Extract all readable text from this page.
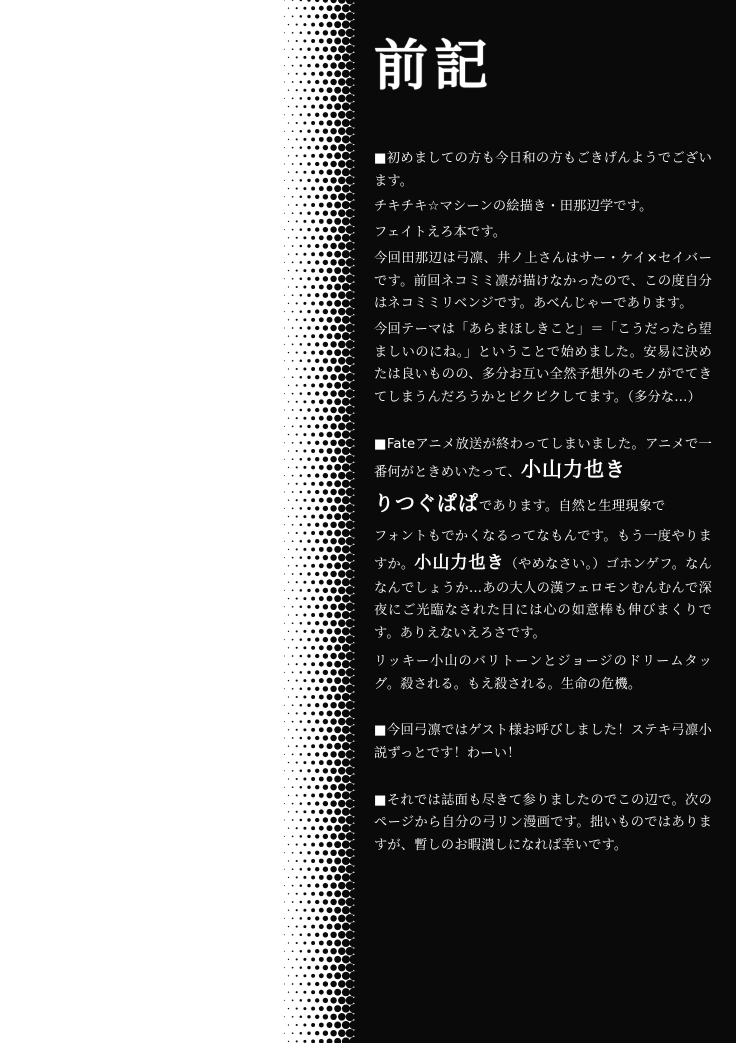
前記

■初めましての方も今日和の方もごきげんようでございます。

チキチキ☆マシーンの絵描き・田那辺学です。

フェイトえろ本です。

今回田那辺は弓凛、井ノ上さんはサー・ケイ×セイバーです。前回ネコミミ凛が描けなかったので、この度自分はネコミミリベンジです。あべんじゃーであります。

今回テーマは「あらまほしきこと」＝「こうだったら望ましいのにね。」ということで始めました。安易に決めたは良いものの、多分お互い全然予想外のモノがでてきてしまうんだろうかとビクビクしてます。（多分な…）

■Fateアニメ放送が終わってしまいました。アニメで一番何がときめいたって、小山力也き

りつぐぱぱであります。自然と生理現象で

フォントもでかくなるってなもんです。もう一度やりますか。小山力也き（やめなさい。）ゴホンゲフ。なんなんでしょうか…あの大人の漢フェロモンむんむんで深夜にご光臨なされた日には心の如意棒も伸びまくりです。ありえないえろさです。

リッキー小山のバリトーンとジョージのドリームタッグ。殺される。もえ殺される。生命の危機。

■今回弓凛ではゲスト様お呼びしました！ステキ弓凛小説ずっとです！わーい！

■それでは誌面も尽きて参りましたのでこの辺で。次のページから自分の弓リン漫画です。拙いものではありますが、暫しのお暇潰しになれば幸いです。
